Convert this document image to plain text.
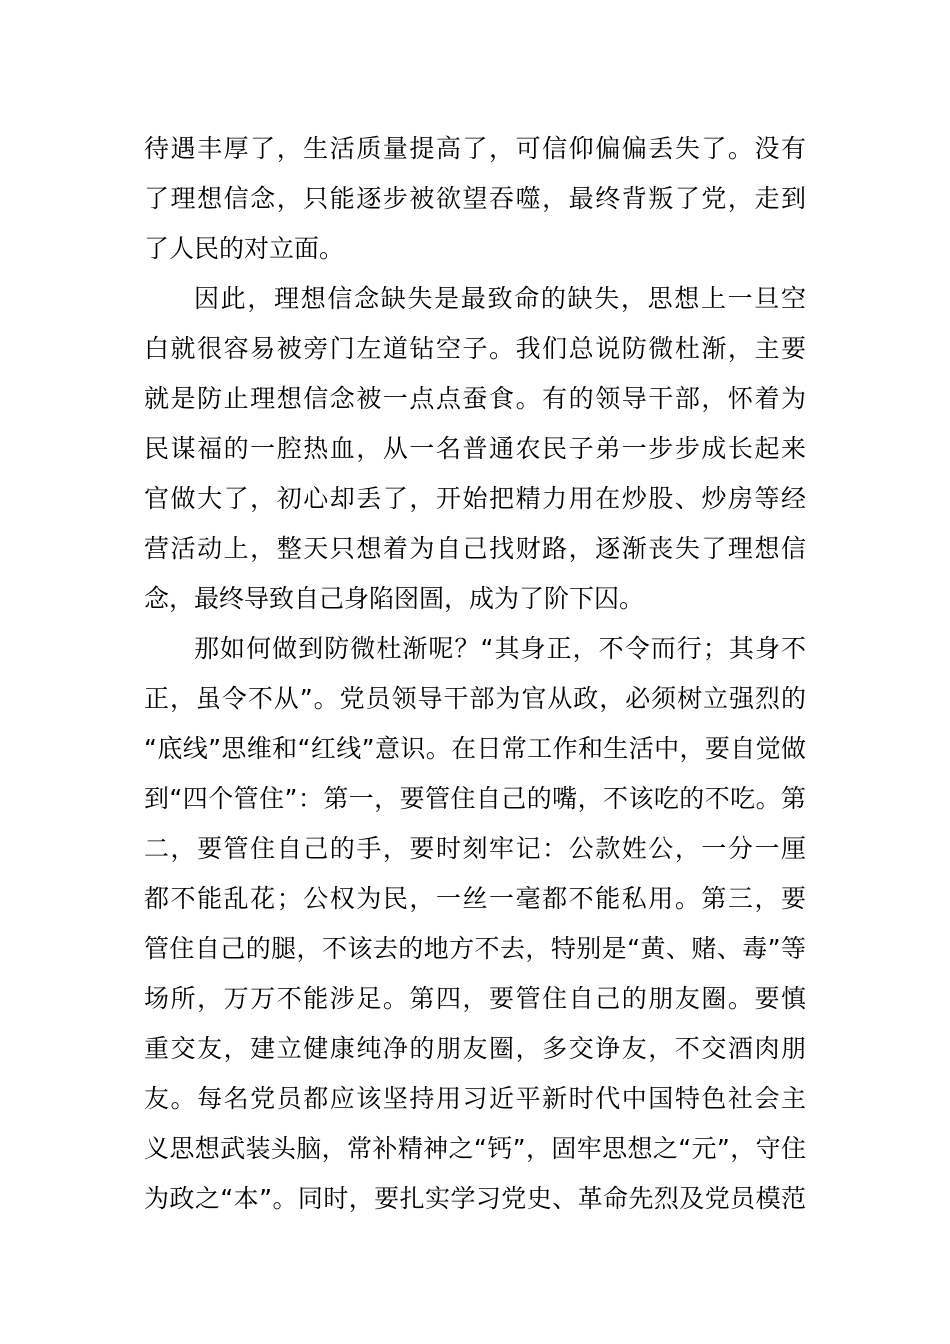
待遇丰厚了，生活质量提高了，可信仰偏偏丢失了。没有
了理想信念，只能逐步被欲望吞噬，最终背叛了党，走到
了人民的对立面。
因此，理想信念缺失是最致命的缺失，思想上一旦空
白就很容易被旁门左道钻空子。我们总说防微杜渐，主要
就是防止理想信念被一点点蚕食。有的领导干部，怀着为
民谋福的一腔热血，从一名普通农民子弟一步步成长起来
官做大了，初心却丢了，开始把精力用在炒股、炒房等经
营活动上，整天只想着为自己找财路，逐渐丧失了理想信
念，最终导致自己身陷囹圄，成为了阶下囚。
那如何做到防微杜渐呢？“其身正，不令而行；其身不
正，虽令不从”。党员领导干部为官从政，必须树立强烈的
“底线”思维和“红线”意识。在日常工作和生活中，要自觉做
到“四个管住”：第一，要管住自己的嘴，不该吃的不吃。第
二，要管住自己的手，要时刻牢记：公款姓公，一分一厘
都不能乱花；公权为民，一丝一毫都不能私用。第三，要
管住自己的腿，不该去的地方不去，特别是“黄、赌、毒”等
场所，万万不能涉足。第四，要管住自己的朋友圈。要慎
重交友，建立健康纯净的朋友圈，多交诤友，不交酒肉朋
友。每名党员都应该坚持用习近平新时代中国特色社会主
义思想武装头脑，常补精神之“钙”，固牢思想之“元”，守住
为政之“本”。同时，要扎实学习党史、革命先烈及党员模范
